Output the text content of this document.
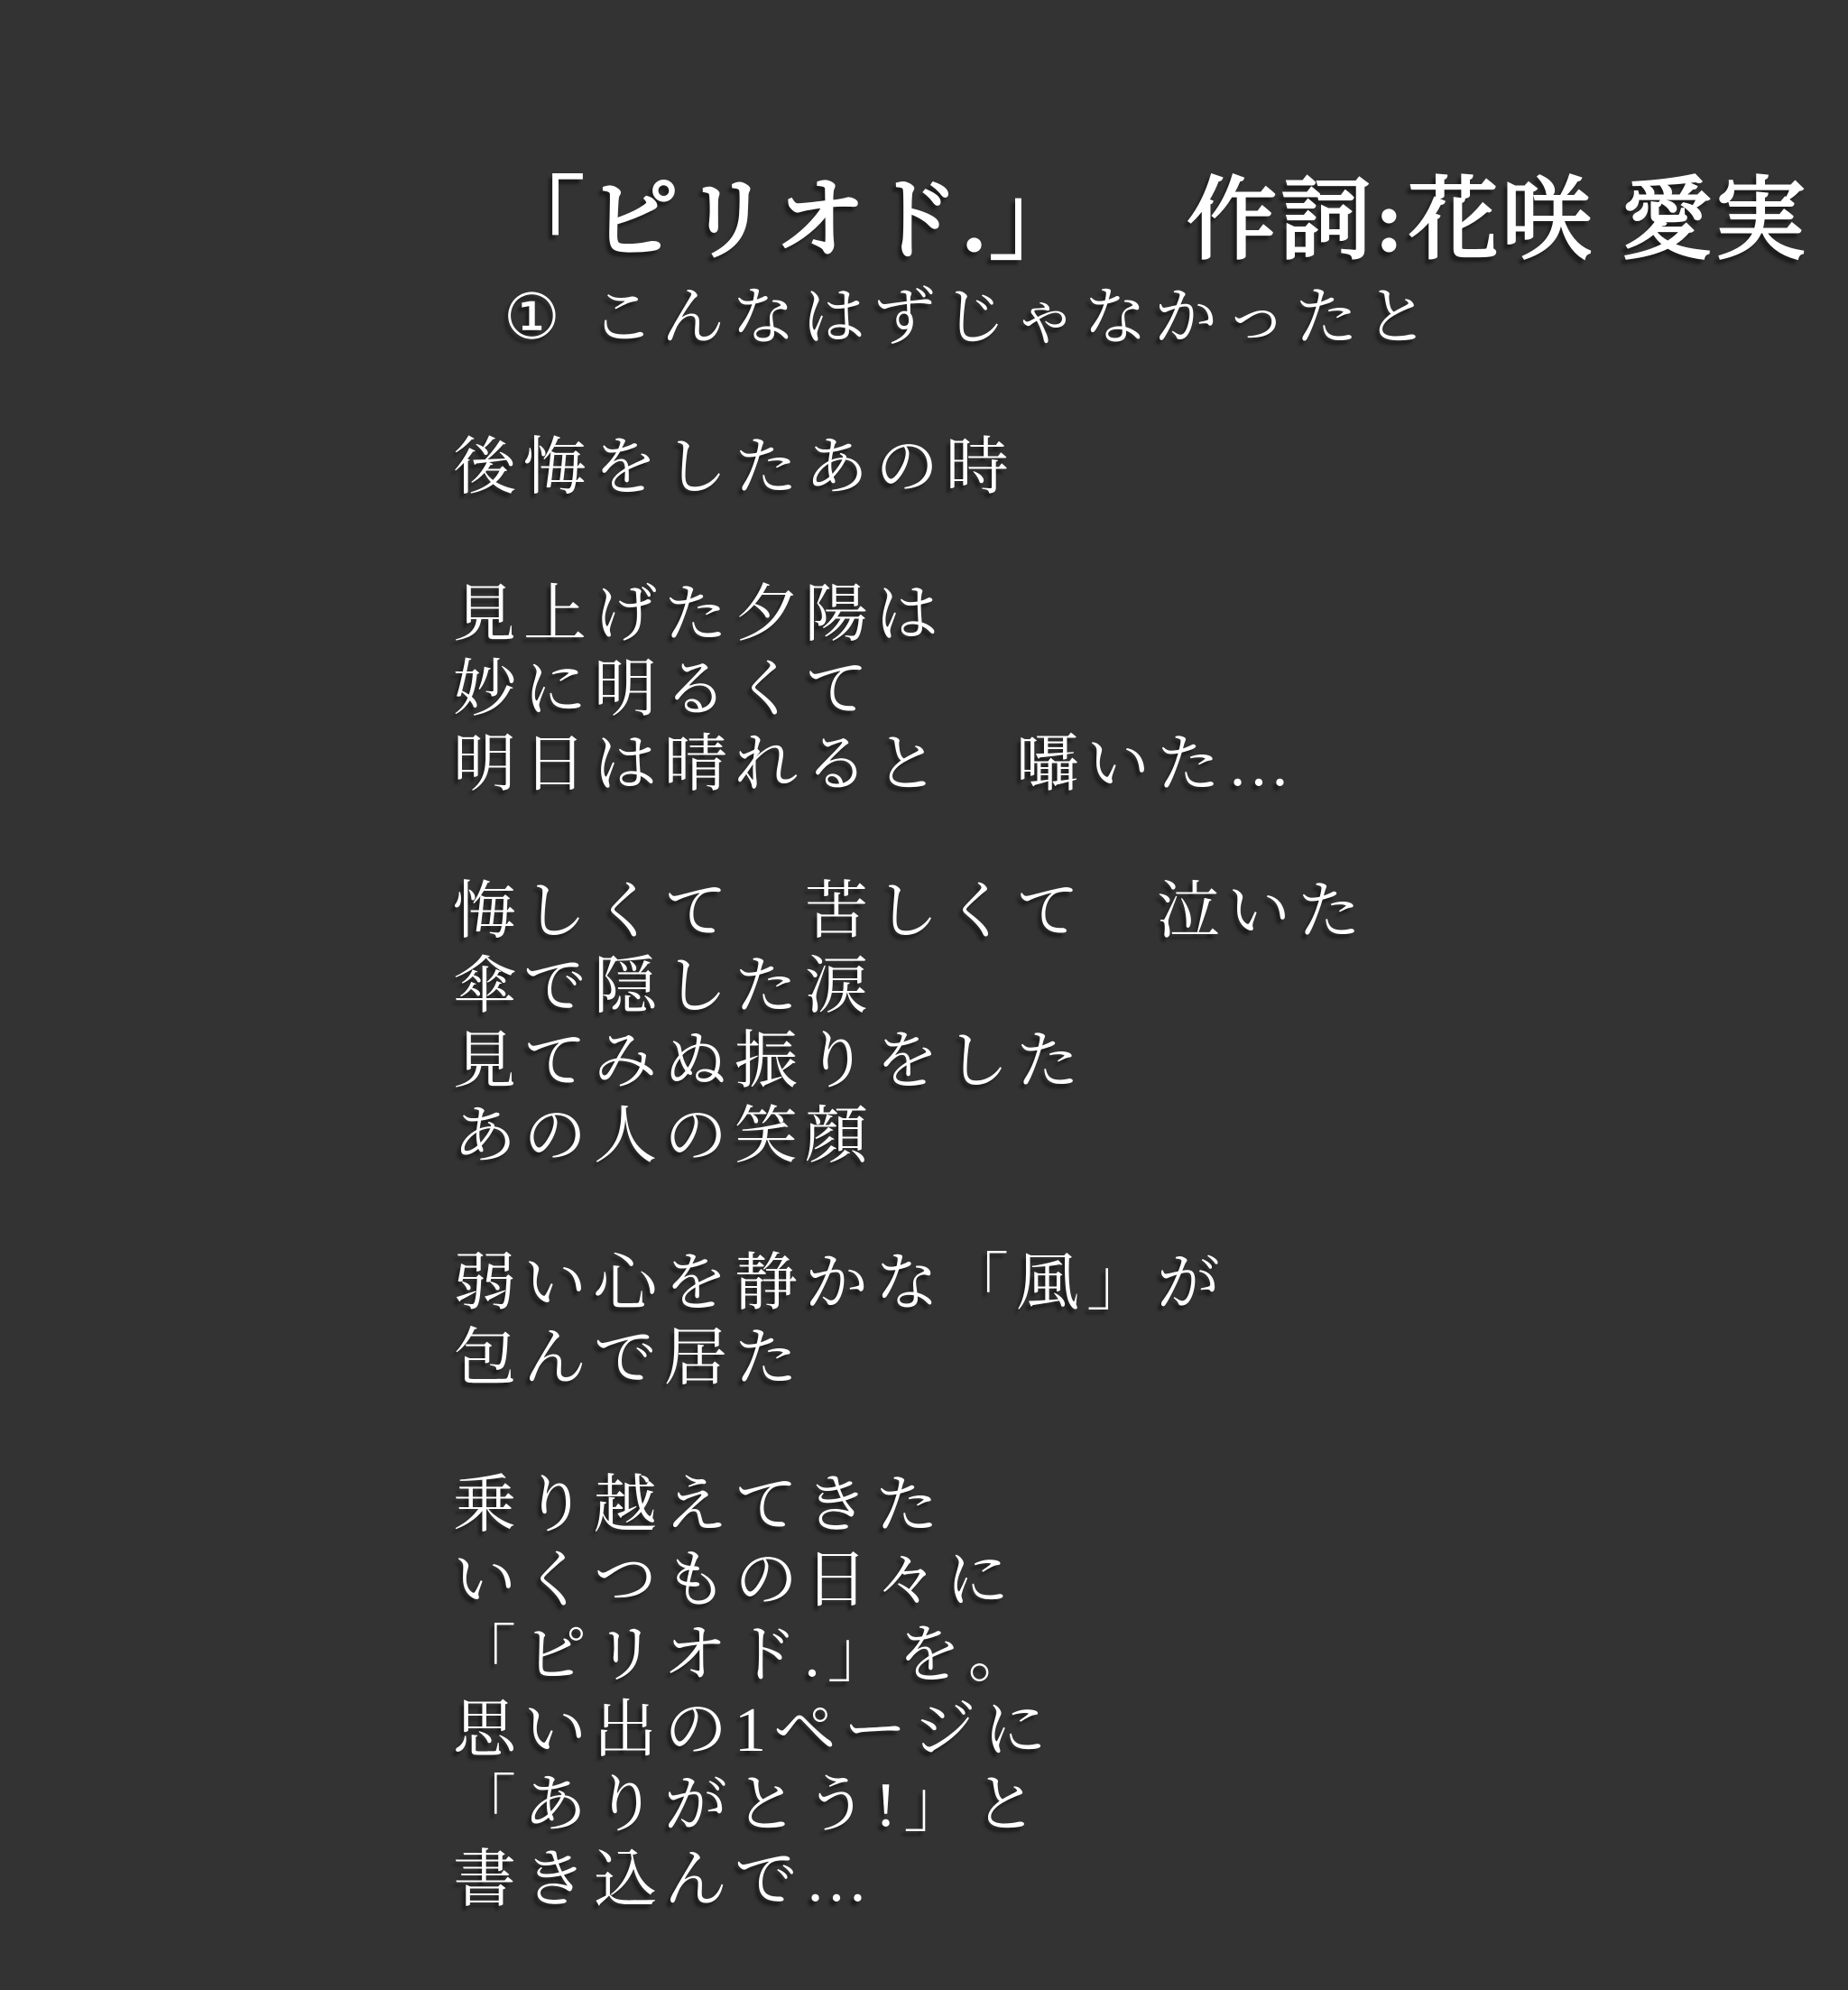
「ピリオド.」 作詞:花咲 愛実

① こんなはずじゃなかったと

後悔をしたあの時
見上げた夕陽は
妙に明るくて
明日は晴れると　囁いた…
悔しくて　苦しくて　泣いた
傘で隠した涙
見てみぬ振りをした
あの人の笑顔
弱い心を静かな「風」が
包んで居た
乗り越えてきた
いくつもの日々に
「ピリオド.」を。
思い出の1ページに
「ありがとう!」と
書き込んで…
